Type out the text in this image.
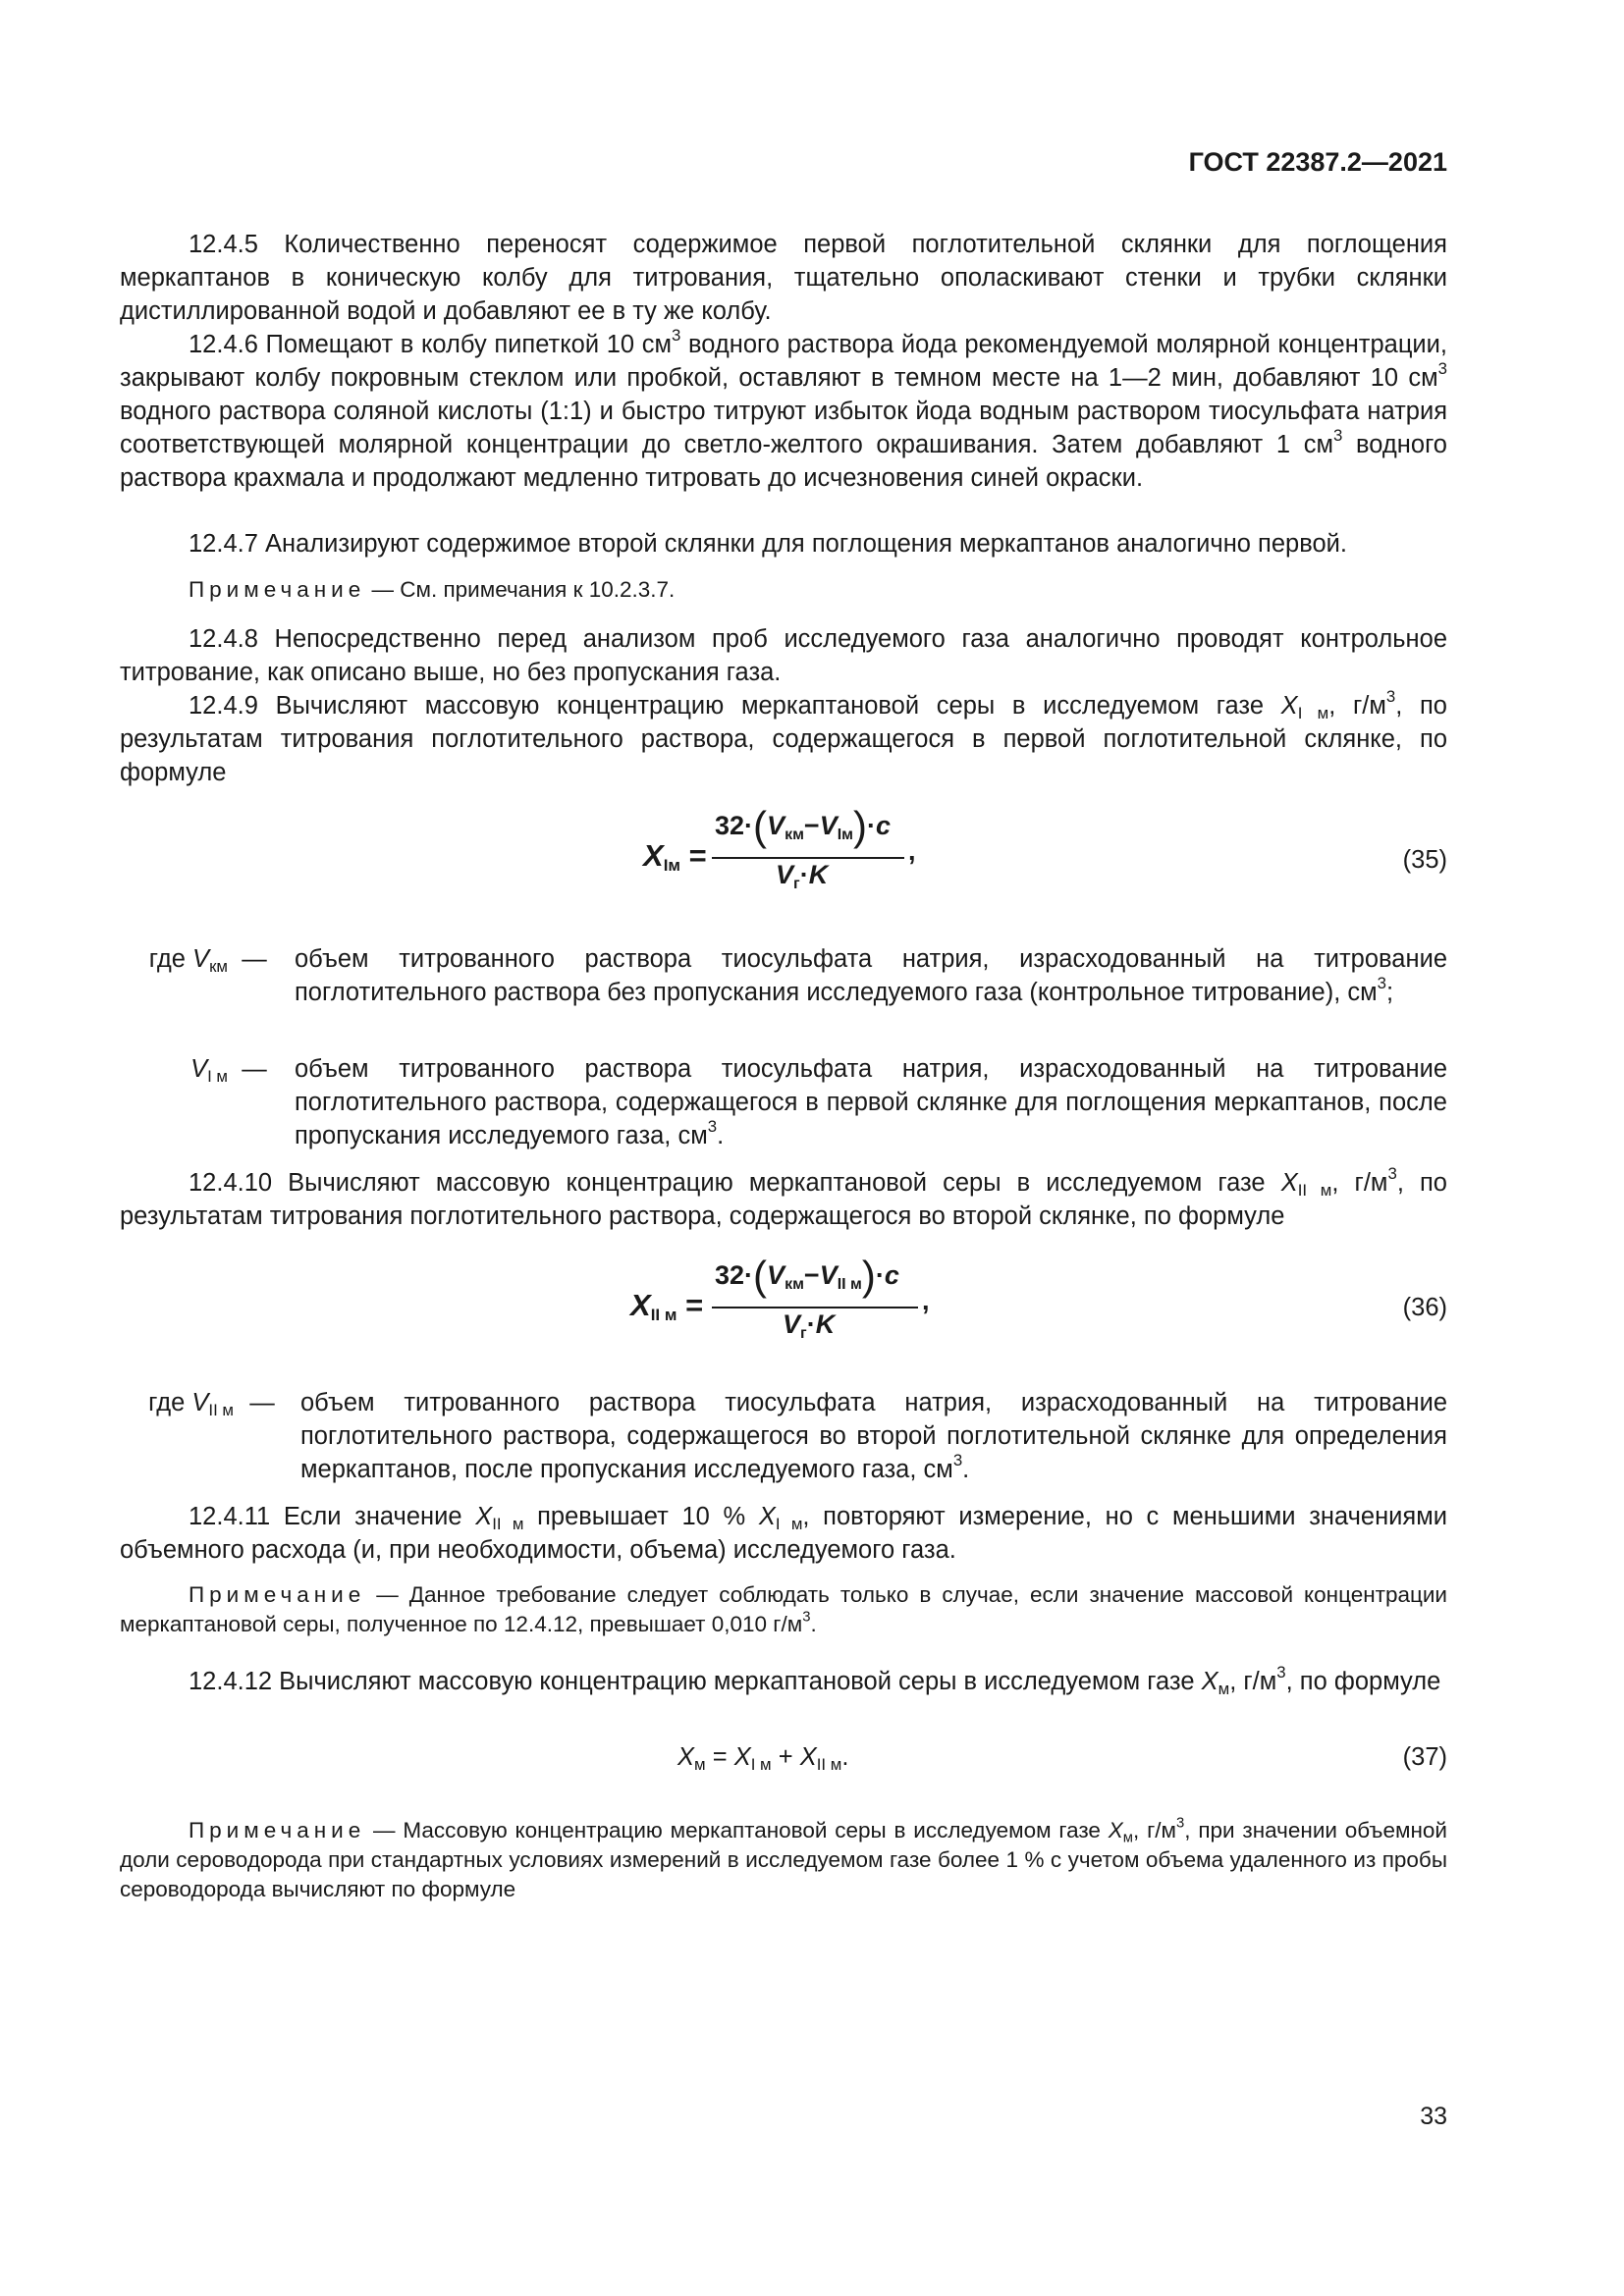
ГОСТ 22387.2—2021
12.4.5 Количественно переносят содержимое первой поглотительной склянки для поглощения меркаптанов в коническую колбу для титрования, тщательно ополаскивают стенки и трубки склянки дистиллированной водой и добавляют ее в ту же колбу.
12.4.6 Помещают в колбу пипеткой 10 $см^3$ водного раствора йода рекомендуемой молярной концентрации, закрывают колбу покровным стеклом или пробкой, оставляют в темном месте на 1—2 мин, добавляют 10 $см^3$ водного раствора соляной кислоты (1:1) и быстро титруют избыток йода водным раствором тиосульфата натрия соответствующей молярной концентрации до светло-желтого окрашивания. Затем добавляют 1 $см^3$ водного раствора крахмала и продолжают медленно титровать до исчезновения синей окраски.
12.4.7 Анализируют содержимое второй склянки для поглощения меркаптанов аналогично первой.
Примечание — См. примечания к 10.2.3.7.
12.4.8 Непосредственно перед анализом проб исследуемого газа аналогично проводят контрольное титрование, как описано выше, но без пропускания газа.
12.4.9 Вычисляют массовую концентрацию меркаптановой серы в исследуемом газе $X_{I м}$, $г/м^3$, по результатам титрования поглотительного раствора, содержащегося в первой поглотительной склянке, по формуле
$X_{Iм}$ =
$32\cdot(V_{км}-V_{Iм})\cdot c$
$V_г\cdot K$
,	(35)
где $V_{км}$ — объем титрованного раствора тиосульфата натрия, израсходованный на титрование поглотительного раствора без пропускания исследуемого газа (контрольное титрование), $см^3$;
$V_{I м}$ — объем титрованного раствора тиосульфата натрия, израсходованный на титрование поглотительного раствора, содержащегося в первой склянке для поглощения меркаптанов, после пропускания исследуемого газа, $см^3$.
12.4.10 Вычисляют массовую концентрацию меркаптановой серы в исследуемом газе $X_{II м}$, $г/м^3$, по результатам титрования поглотительного раствора, содержащегося во второй склянке, по формуле
$X_{II м}$ =
$32\cdot(V_{км}-V_{II м})\cdot c$
$V_г\cdot K$
,	(36)
где $V_{II м}$ — объем титрованного раствора тиосульфата натрия, израсходованный на титрование поглотительного раствора, содержащегося во второй поглотительной склянке для определения меркаптанов, после пропускания исследуемого газа, $см^3$.
12.4.11 Если значение $X_{II м}$ превышает 10 % $X_{I м}$, повторяют измерение, но с меньшими значениями объемного расхода (и, при необходимости, объема) исследуемого газа.
Примечание — Данное требование следует соблюдать только в случае, если значение массовой концентрации меркаптановой серы, полученное по 12.4.12, превышает 0,010 $г/м^3$.
12.4.12 Вычисляют массовую концентрацию меркаптановой серы в исследуемом газе $X_м$, $г/м^3$, по формуле
$X_м = X_{I м} + X_{II м}$.	(37)
Примечание — Массовую концентрацию меркаптановой серы в исследуемом газе $X_м$, $г/м^3$, при значении объемной доли сероводорода при стандартных условиях измерений в исследуемом газе более 1 % с учетом объема удаленного из пробы сероводорода вычисляют по формуле
33
